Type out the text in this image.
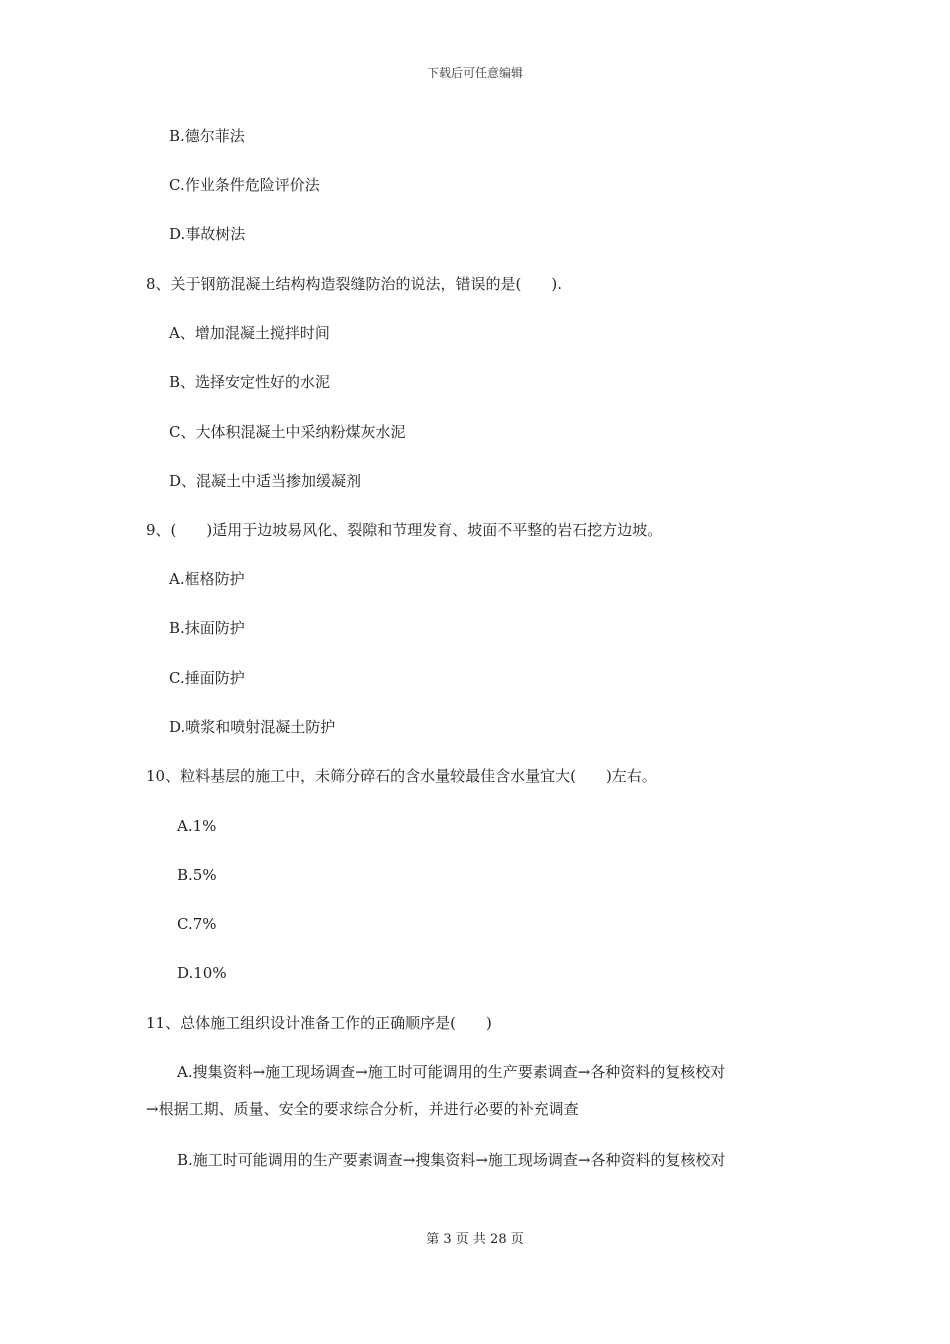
下载后可任意编辑
B.德尔菲法
C.作业条件危险评价法
D.事故树法
8、关于钢筋混凝土结构构造裂缝防治的说法，错误的是(　　).
A、增加混凝土搅拌时间
B、选择安定性好的水泥
C、大体积混凝土中采纳粉煤灰水泥
D、混凝土中适当掺加缓凝剂
9、(　　)适用于边坡易风化、裂隙和节理发育、坡面不平整的岩石挖方边坡。
A.框格防护
B.抹面防护
C.捶面防护
D.喷浆和喷射混凝土防护
10、粒料基层的施工中，未筛分碎石的含水量较最佳含水量宜大(　　)左右。
A.1%
B.5%
C.7%
D.10%
11、总体施工组织设计准备工作的正确顺序是(　　)
A.搜集资料→施工现场调查→施工时可能调用的生产要素调查→各种资料的复核校对
→根据工期、质量、安全的要求综合分析，并进行必要的补充调查
B.施工时可能调用的生产要素调查→搜集资料→施工现场调查→各种资料的复核校对
第 3 页 共 28 页
